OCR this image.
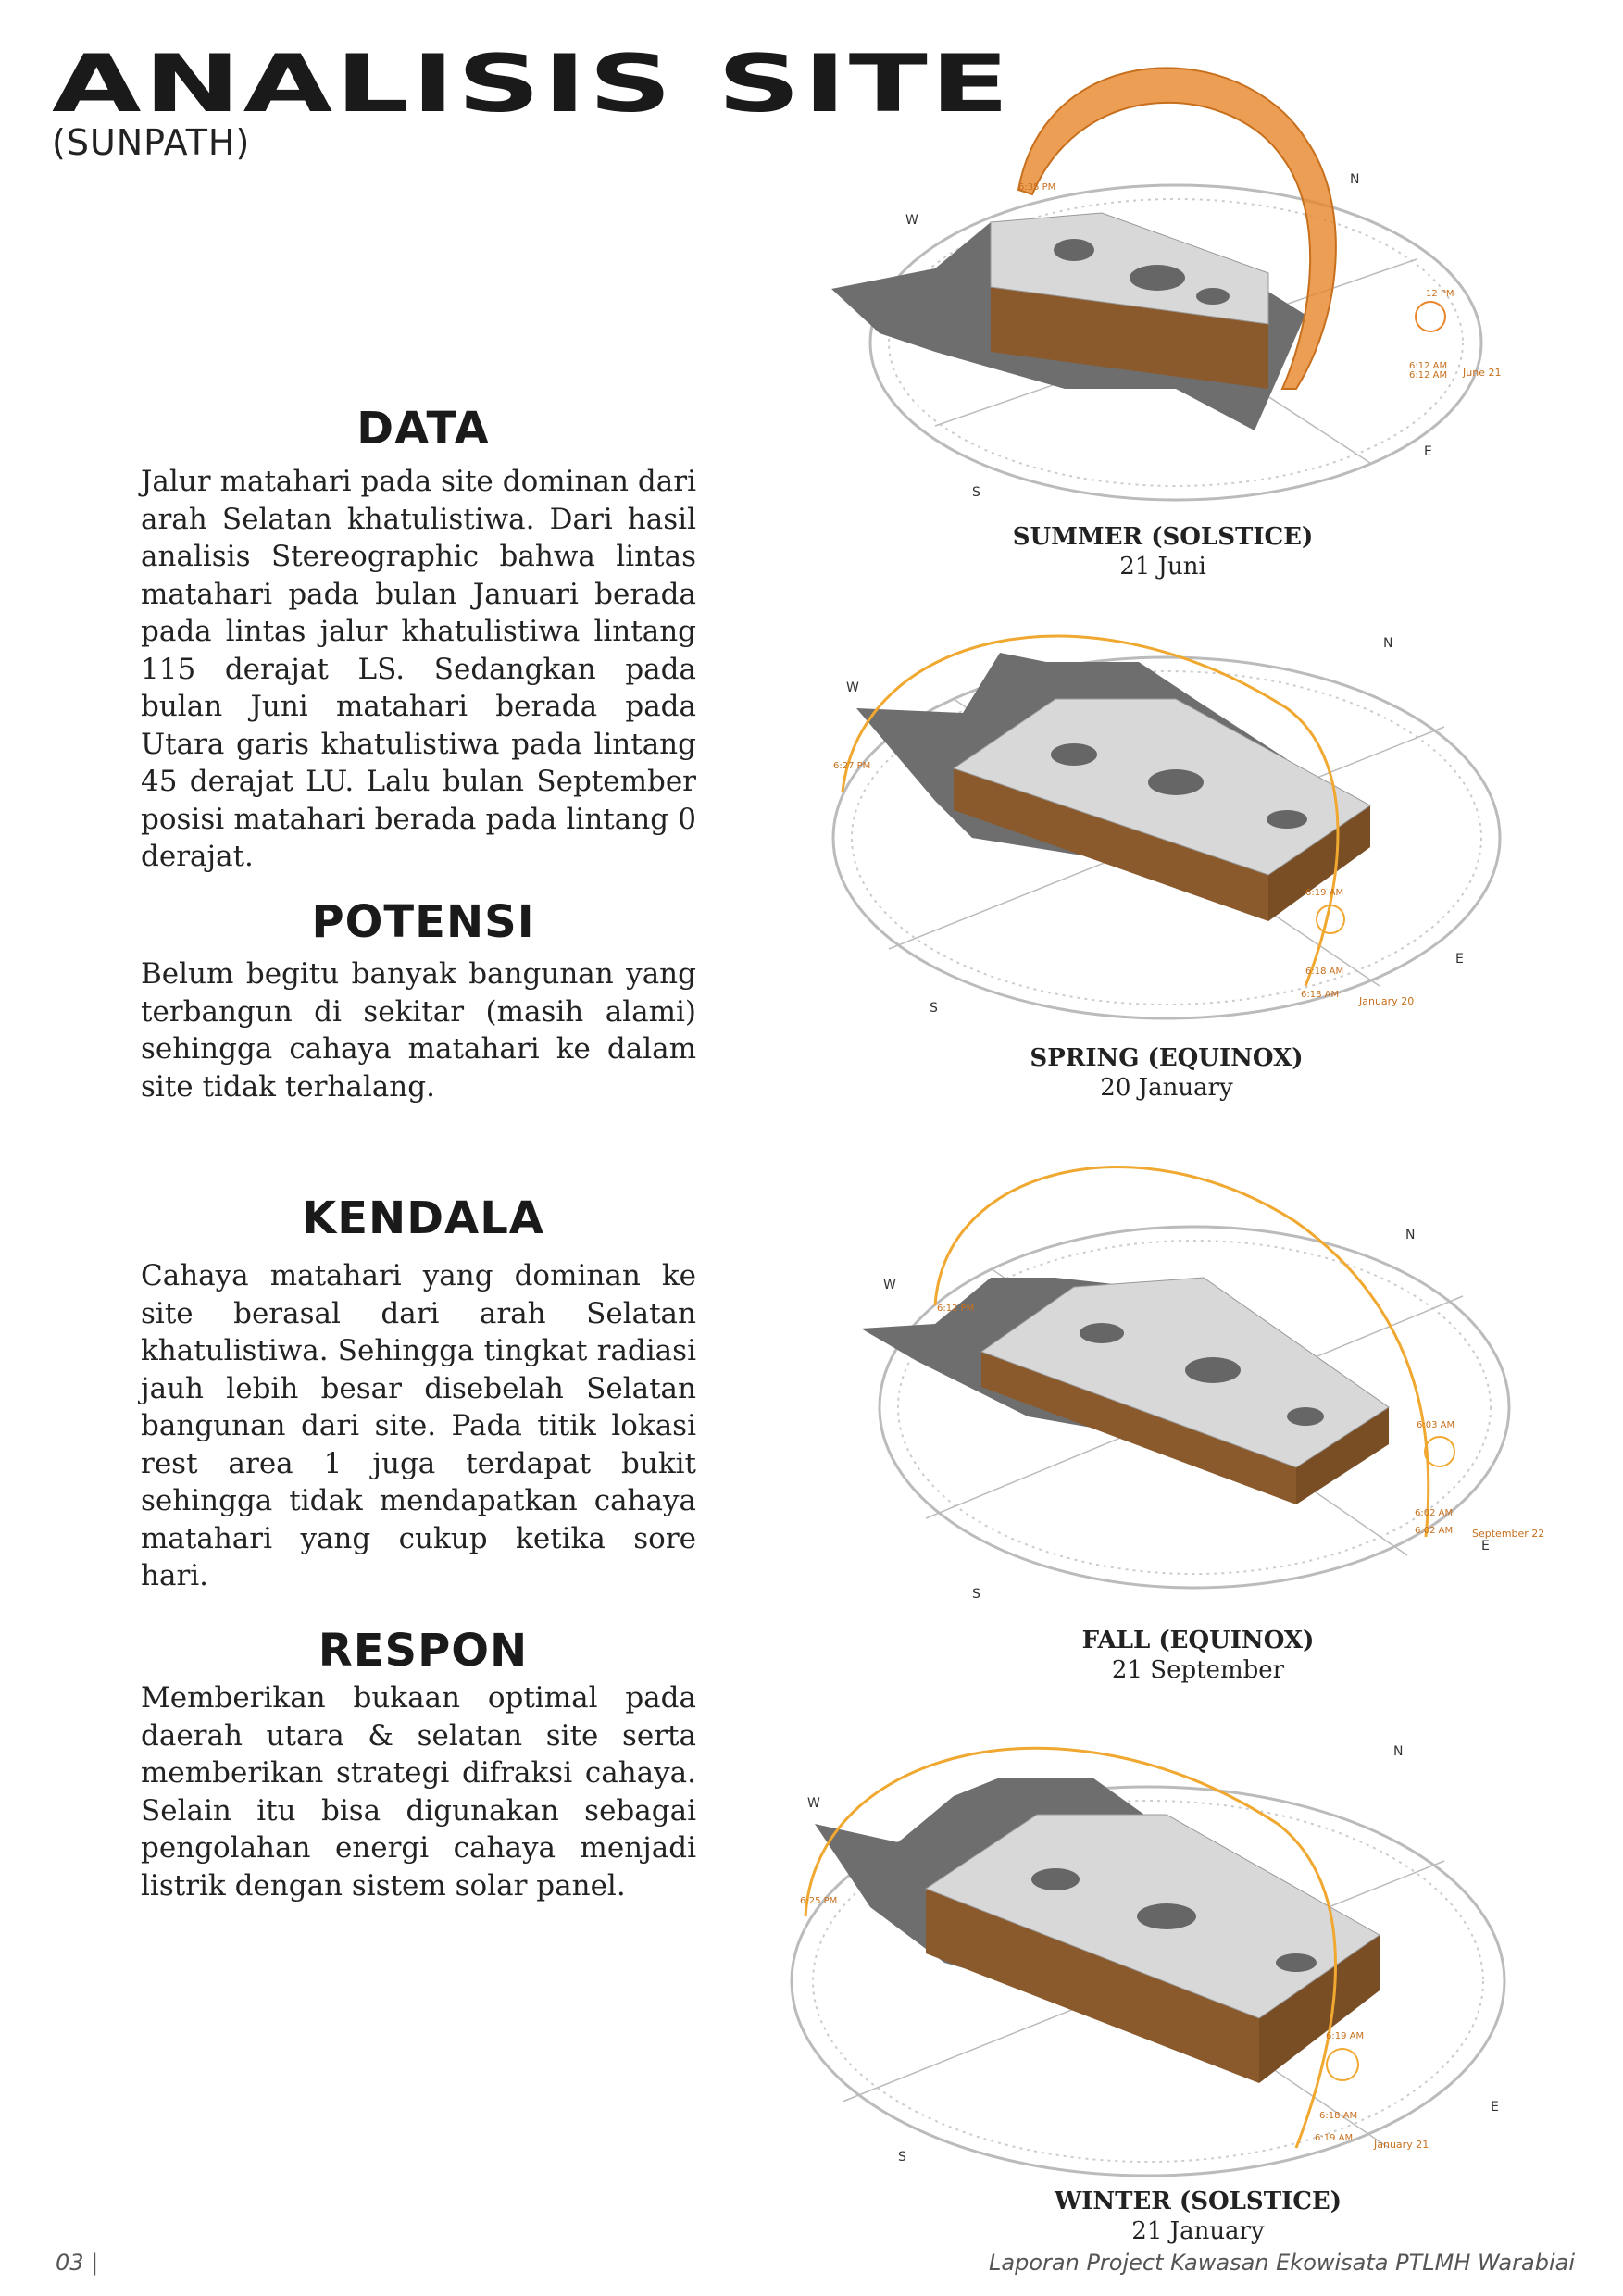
ANALISIS SITE
(SUNPATH)
DATA

Jalur matahari pada site dominan dari arah Selatan khatulistiwa. Dari hasil analisis Stereographic bahwa lintas matahari pada bulan Januari berada pada lintas jalur khatulistiwa lintang 115 derajat LS. Sedangkan pada bulan Juni matahari berada pada Utara garis khatulistiwa pada lintang 45 derajat LU. Lalu bulan September posisi matahari berada pada lintang 0 derajat.

POTENSI

Belum begitu banyak bangunan yang terbangun di sekitar (masih alami) sehingga cahaya matahari ke dalam site tidak terhalang.

KENDALA

Cahaya matahari yang dominan ke site berasal dari arah Selatan khatulistiwa. Sehingga tingkat radiasi jauh lebih besar disebelah Selatan bangunan dari site. Pada titik lokasi rest area 1 juga terdapat bukit sehingga tidak mendapatkan cahaya matahari yang cukup ketika sore hari.

RESPON

Memberikan bukaan optimal pada daerah utara & selatan site serta memberikan strategi difraksi cahaya. Selain itu bisa digunakan sebagai pengolahan energi cahaya menjadi listrik dengan sistem solar panel.

6:35 PM
6:12 AM
6:12 AM June 21
12 PM
N
E
S
W
SUMMER (SOLSTICE)
21 Juni
6:27 PM
6:19 AM
6:18 AM
6:18 AM
January 20
N
E
S
W
SPRING (EQUINOX)
20 January
6:12 PM
6:03 AM
6:02 AM
6:02 AM September 22
N
E
S
W
FALL (EQUINOX)
21 September
6:25 PM
6:19 AM
6:18 AM
6:19 AM
January 21
N
E
S
W
WINTER (SOLSTICE)
21 January
03 |	Laporan Project Kawasan Ekowisata PTLMH Warabiai
